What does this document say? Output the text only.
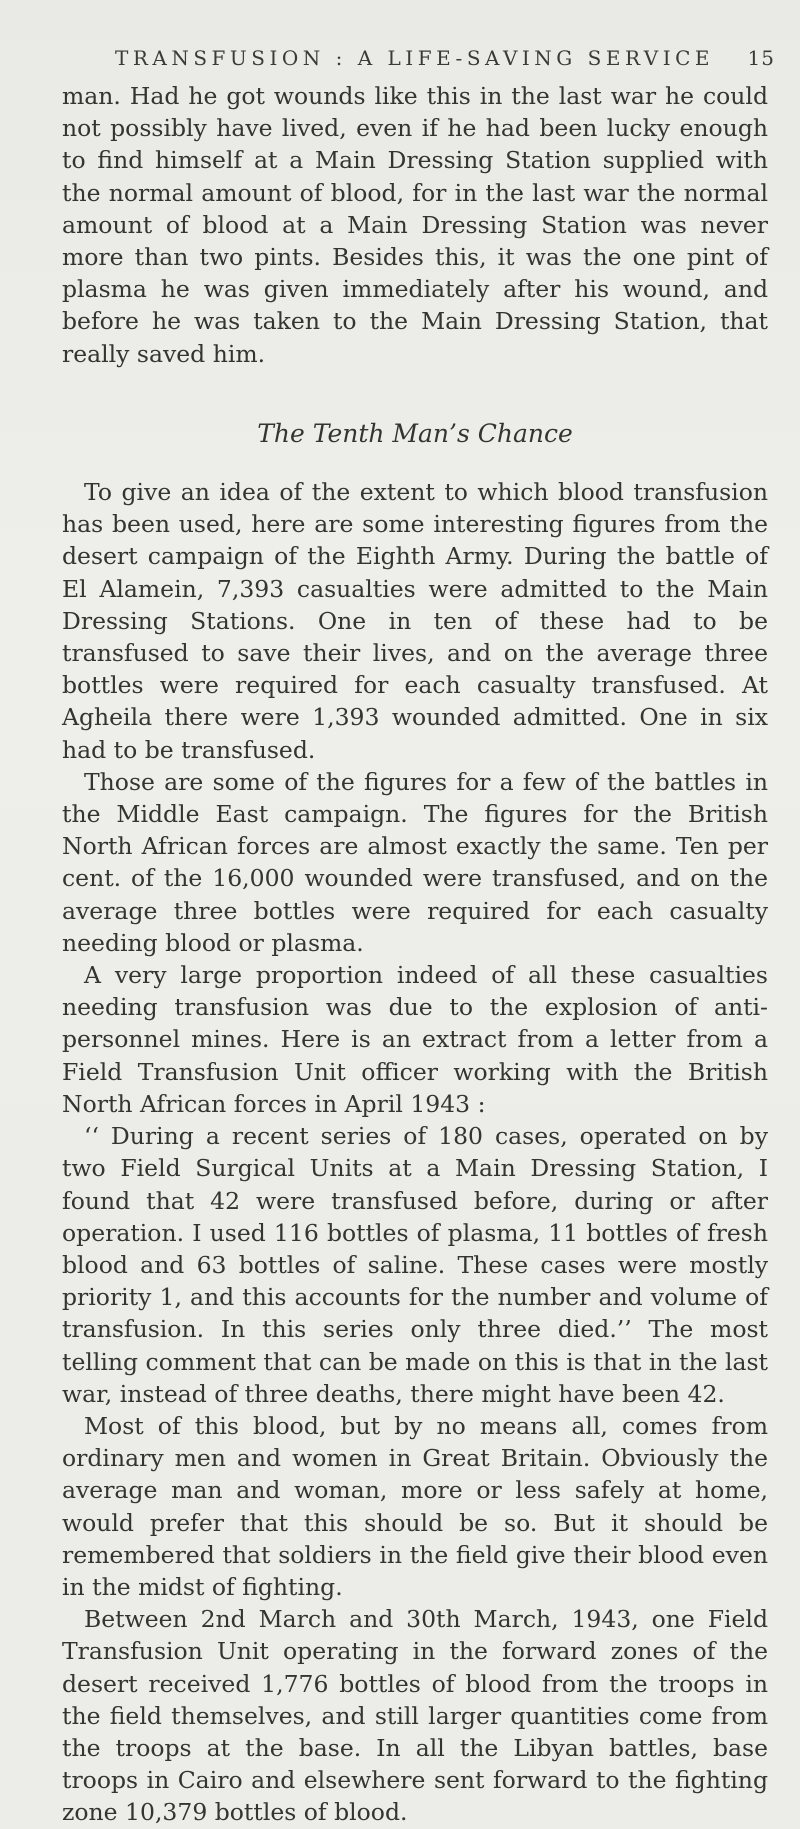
TRANSFUSION : A LIFE-SAVING SERVICE 15

man. Had he got wounds like this in the last war he could not possibly have lived, even if he had been lucky enough to find himself at a Main Dressing Station supplied with the normal amount of blood, for in the last war the normal amount of blood at a Main Dressing Station was never more than two pints. Besides this, it was the one pint of plasma he was given immediately after his wound, and before he was taken to the Main Dressing Station, that really saved him.

The Tenth Man’s Chance

To give an idea of the extent to which blood transfusion has been used, here are some interesting figures from the desert campaign of the Eighth Army. During the battle of El Alamein, 7,393 casualties were admitted to the Main Dressing Stations. One in ten of these had to be transfused to save their lives, and on the average three bottles were required for each casualty transfused. At Agheila there were 1,393 wounded admitted. One in six had to be transfused.

Those are some of the figures for a few of the battles in the Middle East campaign. The figures for the British North African forces are almost exactly the same. Ten per cent. of the 16,000 wounded were transfused, and on the average three bottles were required for each casualty needing blood or plasma.

A very large proportion indeed of all these casualties needing transfusion was due to the explosion of anti-personnel mines. Here is an extract from a letter from a Field Transfusion Unit officer working with the British North African forces in April 1943 :

‘‘ During a recent series of 180 cases, operated on by two Field Surgical Units at a Main Dressing Station, I found that 42 were transfused before, during or after operation. I used 116 bottles of plasma, 11 bottles of fresh blood and 63 bottles of saline. These cases were mostly priority 1, and this accounts for the number and volume of transfusion. In this series only three died.’’ The most telling comment that can be made on this is that in the last war, instead of three deaths, there might have been 42.

Most of this blood, but by no means all, comes from ordinary men and women in Great Britain. Obviously the average man and woman, more or less safely at home, would prefer that this should be so. But it should be remembered that soldiers in the field give their blood even in the midst of fighting.

Between 2nd March and 30th March, 1943, one Field Transfusion Unit operating in the forward zones of the desert received 1,776 bottles of blood from the troops in the field themselves, and still larger quantities come from the troops at the base. In all the Libyan battles, base troops in Cairo and elsewhere sent forward to the fighting zone 10,379 bottles of blood.
